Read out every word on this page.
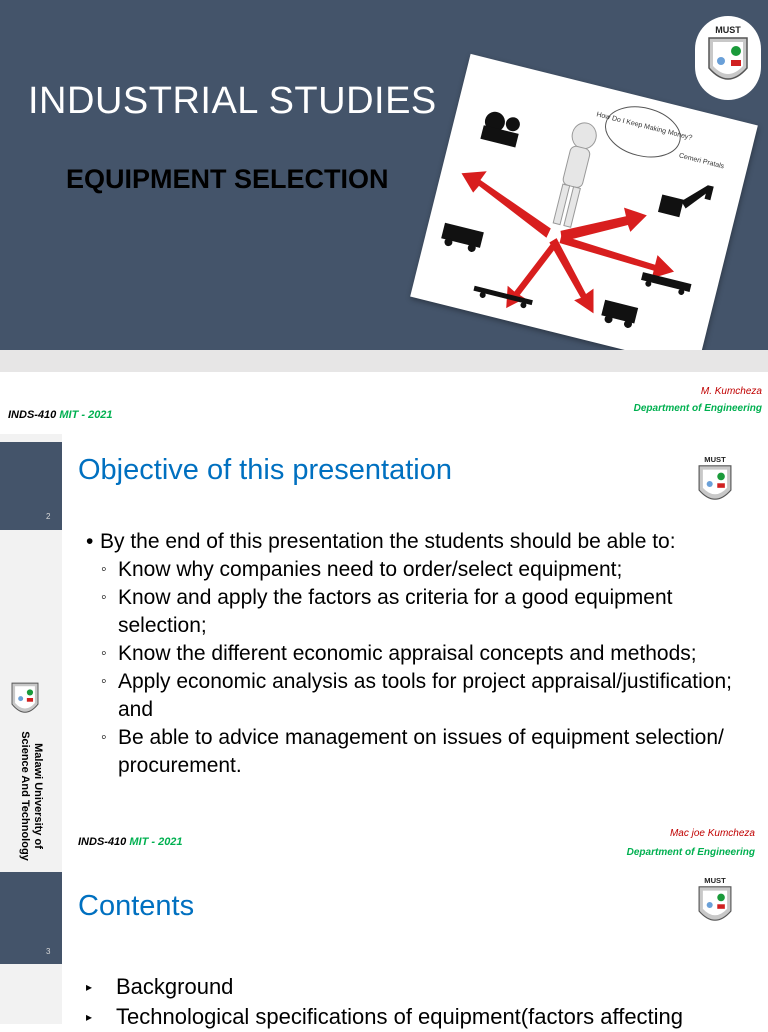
INDUSTRIAL STUDIES
EQUIPMENT SELECTION
How Do I Keep Making Money?
Cemeri Pratals
MUST
M. Kumcheza
INDS-410 MIT - 2021
Department of Engineering
2
Objective of this presentation	MUST
• By the end of this presentation the students should be able to:
◦ Know why companies need to order/select equipment;
◦ Know and apply the factors as criteria for a good equipment selection;
◦ Know the different economic appraisal concepts and methods;
◦ Apply economic analysis as tools for project appraisal/justification; and
◦ Be able to advice management on issues of equipment selection/ procurement.
Malawi University of Science And Technology	INDS-410 MIT - 2021
Mac joe Kumcheza
Department of Engineering
3
Contents
MUST
▸ Background
▸ Technological specifications of equipment(factors affecting
